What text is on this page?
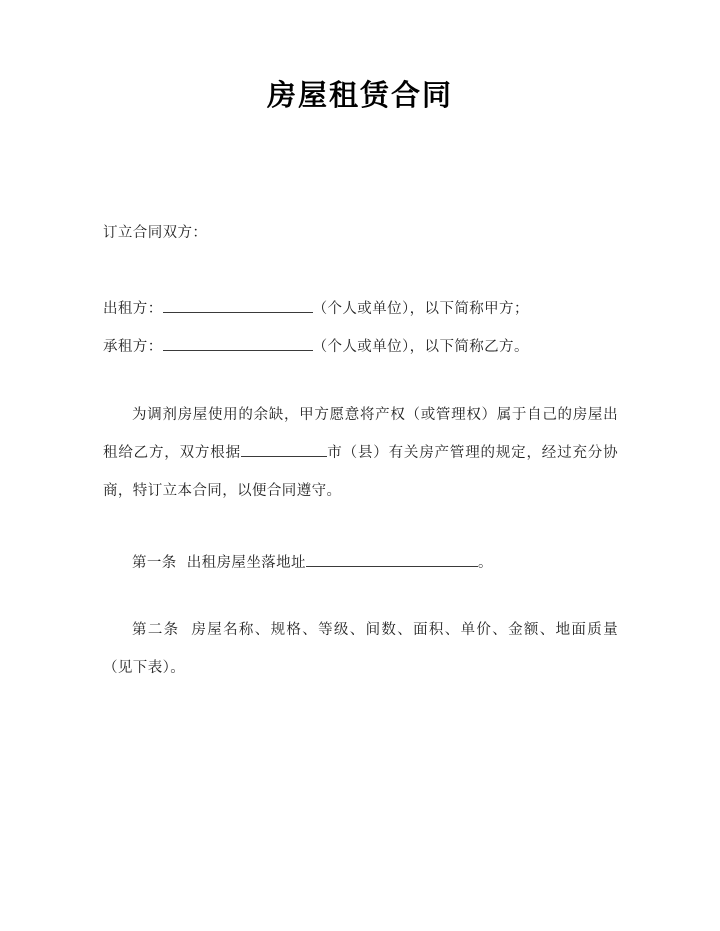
房屋租赁合同

订立合同双方：

出租方：	（个人或单位），以下简称甲方；

承租方：	（个人或单位），以下简称乙方。

为调剂房屋使用的余缺，甲方愿意将产权（或管理权）属于自己的房屋出租给乙方，双方根据	市（县）有关房产管理的规定，经过充分协商，特订立本合同，以便合同遵守。

第一条 出租房屋坐落地址	。

第二条 房屋名称、规格、等级、间数、面积、单价、金额、地面质量（见下表）。
